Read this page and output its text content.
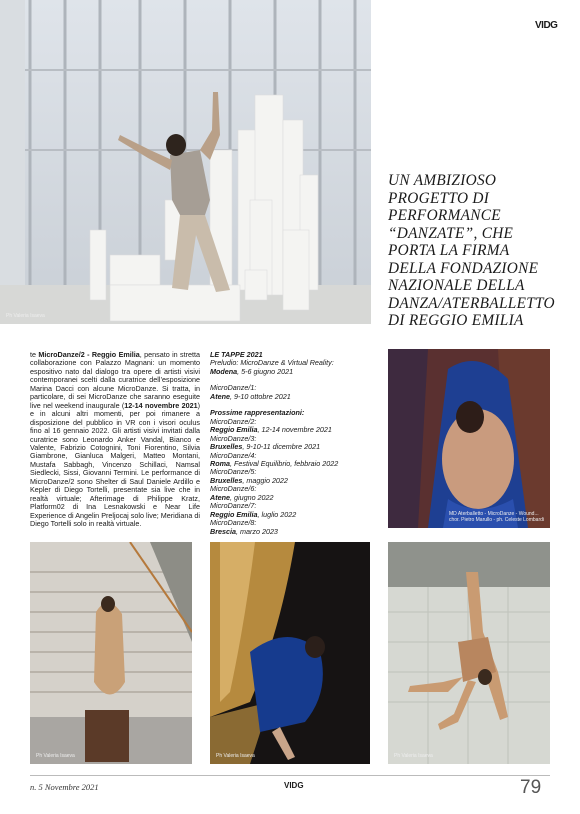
VIDG
Ph Valeria Isaeva
UN AMBIZIOSO PROGETTO DI PERFORMANCE “DANZATE”, CHE PORTA LA FIRMA DELLA FONDAZIONE NAZIONALE DELLA DANZA/ATERBALLETTO DI REGGIO EMILIA
te MicroDanze/2 - Reggio Emilia, pensato in stretta collaborazione con Palazzo Magnani: un momento espositivo nato dal dialogo tra opere di artisti visivi contemporanei scelti dalla curatrice dell’esposizione Marina Dacci con alcune MicroDanze. Si tratta, in particolare, di sei MicroDanze che saranno eseguite live nel weekend inaugurale (12-14 novembre 2021) e in alcuni altri momenti, per poi rimanere a disposizione del pubblico in VR con i visori oculus fino al 16 gennaio 2022. Gli artisti visivi invitati dalla curatrice sono Leonardo Anker Vandal, Bianco e Valente, Fabrizio Cotognini, Toni Fiorentino, Silvia Giambrone, Gianluca Malgeri, Matteo Montani, Mustafa Sabbagh, Vincenzo Schillaci, Namsal Siedlecki, Sissi, Giovanni Termini. Le performance di MicroDanze/2 sono Shelter di Saul Daniele Ardillo e Kepler di Diego Tortelli, presentate sia live che in realtà virtuale; Afterimage di Philippe Kratz, Platform02 di Ina Lesnakowski e Near Life Experience di Angelin Preljocaj solo live; Meridiana di Diego Tortelli solo in realtà virtuale.
LE TAPPE 2021
Preludio: MicroDanze & Virtual Reality:
Modena, 5-6 giugno 2021
MicroDanze/1:
Atene, 9-10 ottobre 2021
Prossime rappresentazioni:
MicroDanze/2:
Reggio Emilia, 12-14 novembre 2021
MicroDanze/3:
Bruxelles, 9-10-11 dicembre 2021
MicroDanze/4:
Roma, Festival Equilibrio, febbraio 2022
MicroDanze/5:
Bruxelles, maggio 2022
MicroDanze/6:
Atene, giugno 2022
MicroDanze/7:
Reggio Emilia, luglio 2022
MicroDanze/8:
Brescia, marzo 2023
MD Aterballetto - MicroDanze - Wound...
chor. Pietro Marullo - ph. Celeste Lombardi
Ph Valeria Isaeva	Ph Valeria Isaeva	Ph Valeria Isaeva
n. 5 Novembre 2021	VIDG	79
